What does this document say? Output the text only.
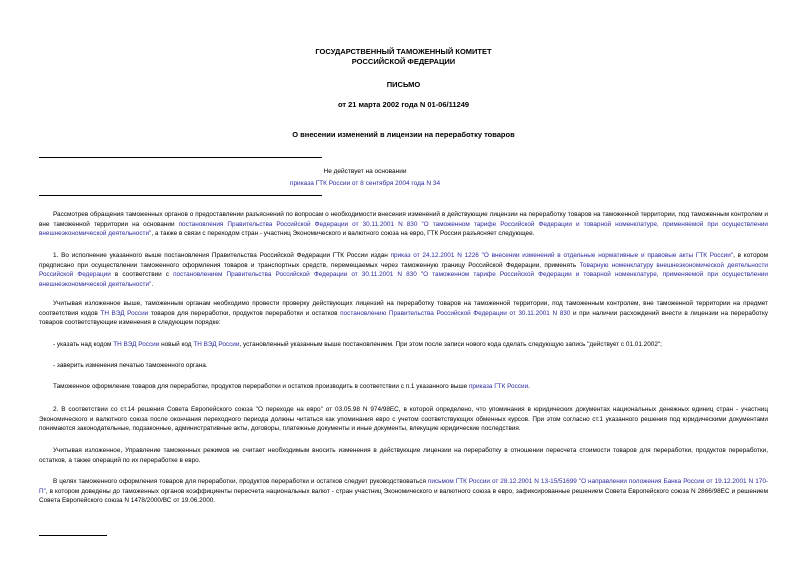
ГОСУДАРСТВЕННЫЙ ТАМОЖЕННЫЙ КОМИТЕТ
РОССИЙСКОЙ ФЕДЕРАЦИИ
ПИСЬМО
от 21 марта 2002 года N 01-06/11249
О внесении изменений в лицензии на переработку товаров
Не действует на основании
приказа ГТК России от 8 сентября 2004 года N 34
Рассмотрев обращения таможенных органов о предоставлении разъяснений по вопросам о необходимости внесения изменений в действующие лицензии на переработку товаров на таможенной территории, под таможенным контролем и вне таможенной территории на основании постановления Правительства Российской Федерации от 30.11.2001 N 830 "О таможенном тарифе Российской Федерации и товарной номенклатуре, применяемой при осуществлении внешнеэкономической деятельности", а также в связи с переходом стран - участниц Экономического и валютного союза на евро, ГТК России разъясняет следующее.
1. Во исполнение указанного выше постановления Правительства Российской Федерации ГТК России издан приказ от 24.12.2001 N 1226 "О внесении изменений в отдельные нормативные и правовые акты ГТК России", в котором предписано при осуществлении таможенного оформления товаров и транспортных средств, перемещаемых через таможенную границу Российской Федерации, применять Товарную номенклатуру внешнеэкономической деятельности Российской Федерации в соответствии с постановлением Правительства Российской Федерации от 30.11.2001 N 830 "О таможенном тарифе Российской Федерации и товарной номенклатуре, применяемой при осуществлении внешнеэкономической деятельности".
Учитывая изложенное выше, таможенным органам необходимо провести проверку действующих лицензий на переработку товаров на таможенной территории, под таможенным контролем, вне таможенной территории на предмет соответствия кодов ТН ВЭД России товаров для переработки, продуктов переработки и остатков постановлению Правительства Российской Федерации от 30.11.2001 N 830 и при наличии расхождений внести в лицензии на переработку товаров соответствующие изменения в следующем порядке:
- указать над кодом ТН ВЭД России новый код ТН ВЭД России, установленный указанным выше постановлением. При этом после записи нового кода сделать следующую запись "действует с 01.01.2002";
- заверить изменения печатью таможенного органа.
Таможенное оформление товаров для переработки, продуктов переработки и остатков производить в соответствии с п.1 указанного выше приказа ГТК России.
2. В соответствии со ст.14 решения Совета Европейского союза "О переходе на евро" от 03.05.98 N 974/98ЕС, в которой определено, что упоминания в юридических документах национальных денежных единиц стран - участниц Экономического и валютного союза после окончания переходного периода должны читаться как упоминания евро с учетом соответствующих обменных курсов. При этом согласно ст.1 указанного решения под юридическими документами понимаются законодательные, подзаконные, административные акты, договоры, платежные документы и иные документы, влекущие юридические последствия.
Учитывая изложенное, Управление таможенных режимов не считает необходимым вносить изменения в действующие лицензии на переработку в отношении пересчета стоимости товаров для переработки, продуктов переработки, остатков, а также операций по их переработке в евро.
В целях таможенного оформления товаров для переработки, продуктов переработки и остатков следует руководствоваться письмом ГТК России от 28.12.2001 N 13-15/51699 "О направлении положения Банка России от 19.12.2001 N 170-П", в котором доведены до таможенных органов коэффициенты пересчета национальных валют - стран участниц Экономического и валютного союза в евро, зафиксированные решением Совета Европейского союза N 2866/98ЕС и решением Совета Европейского союза N 1478/2000/ВС от 19.06.2000.
